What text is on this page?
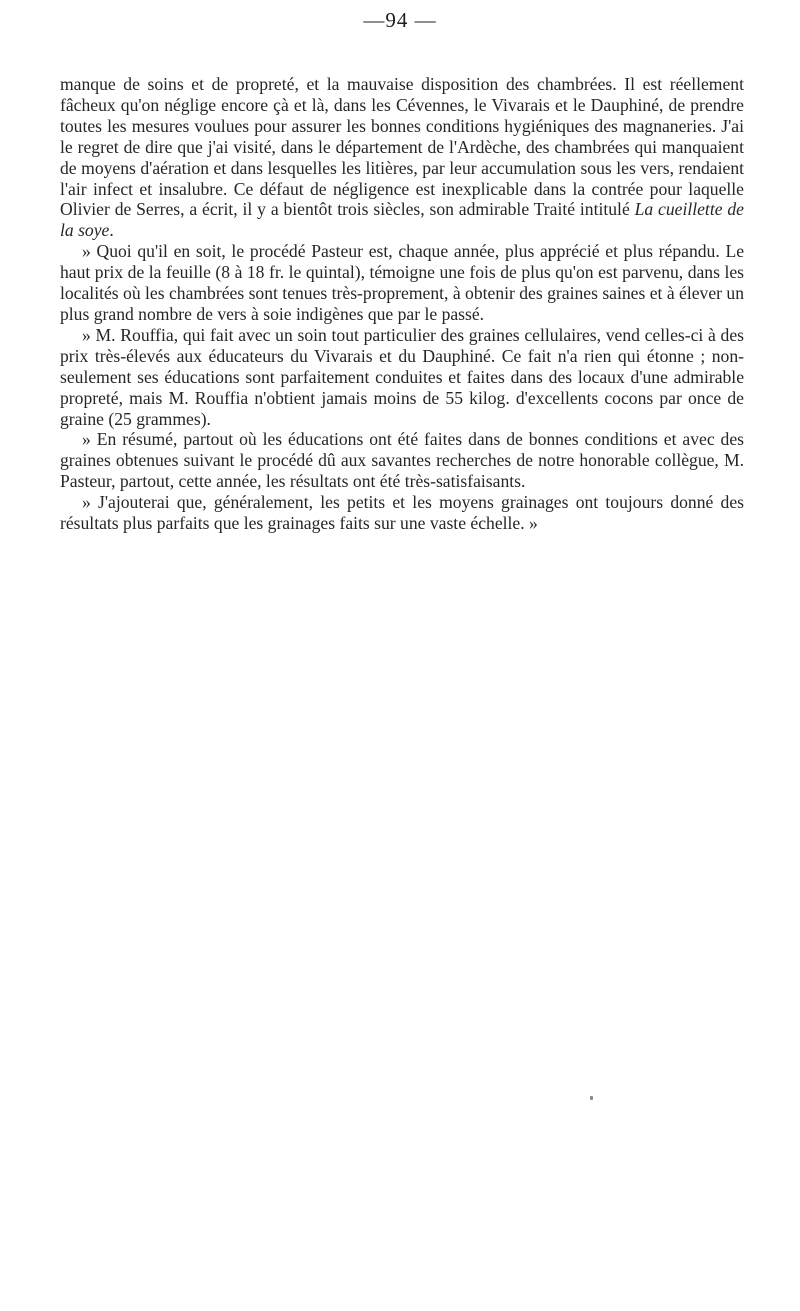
— 94 —

manque de soins et de propreté, et la mauvaise disposition des chambrées. Il est réellement fâcheux qu'on néglige encore çà et là, dans les Cévennes, le Vivarais et le Dauphiné, de prendre toutes les mesures voulues pour assurer les bonnes conditions hygiéniques des magnaneries. J'ai le regret de dire que j'ai visité, dans le département de l'Ardèche, des chambrées qui manquaient de moyens d'aération et dans lesquelles les litières, par leur accumulation sous les vers, rendaient l'air infect et insalubre. Ce défaut de négligence est inexplicable dans la contrée pour laquelle Olivier de Serres, a écrit, il y a bientôt trois siècles, son admirable Traité intitulé La cueillette de la soye.

» Quoi qu'il en soit, le procédé Pasteur est, chaque année, plus apprécié et plus répandu. Le haut prix de la feuille (8 à 18 fr. le quintal), témoigne une fois de plus qu'on est parvenu, dans les localités où les chambrées sont tenues très-proprement, à obtenir des graines saines et à élever un plus grand nombre de vers à soie indigènes que par le passé.

» M. Rouffia, qui fait avec un soin tout particulier des graines cellulaires, vend celles-ci à des prix très-élevés aux éducateurs du Vivarais et du Dauphiné. Ce fait n'a rien qui étonne ; non-seulement ses éducations sont parfaitement conduites et faites dans des locaux d'une admirable propreté, mais M. Rouffia n'obtient jamais moins de 55 kilog. d'excellents cocons par once de graine (25 grammes).

» En résumé, partout où les éducations ont été faites dans de bonnes conditions et avec des graines obtenues suivant le procédé dû aux savantes recherches de notre honorable collègue, M. Pasteur, partout, cette année, les résultats ont été très-satisfaisants.

» J'ajouterai que, généralement, les petits et les moyens grainages ont toujours donné des résultats plus parfaits que les grainages faits sur une vaste échelle. »
